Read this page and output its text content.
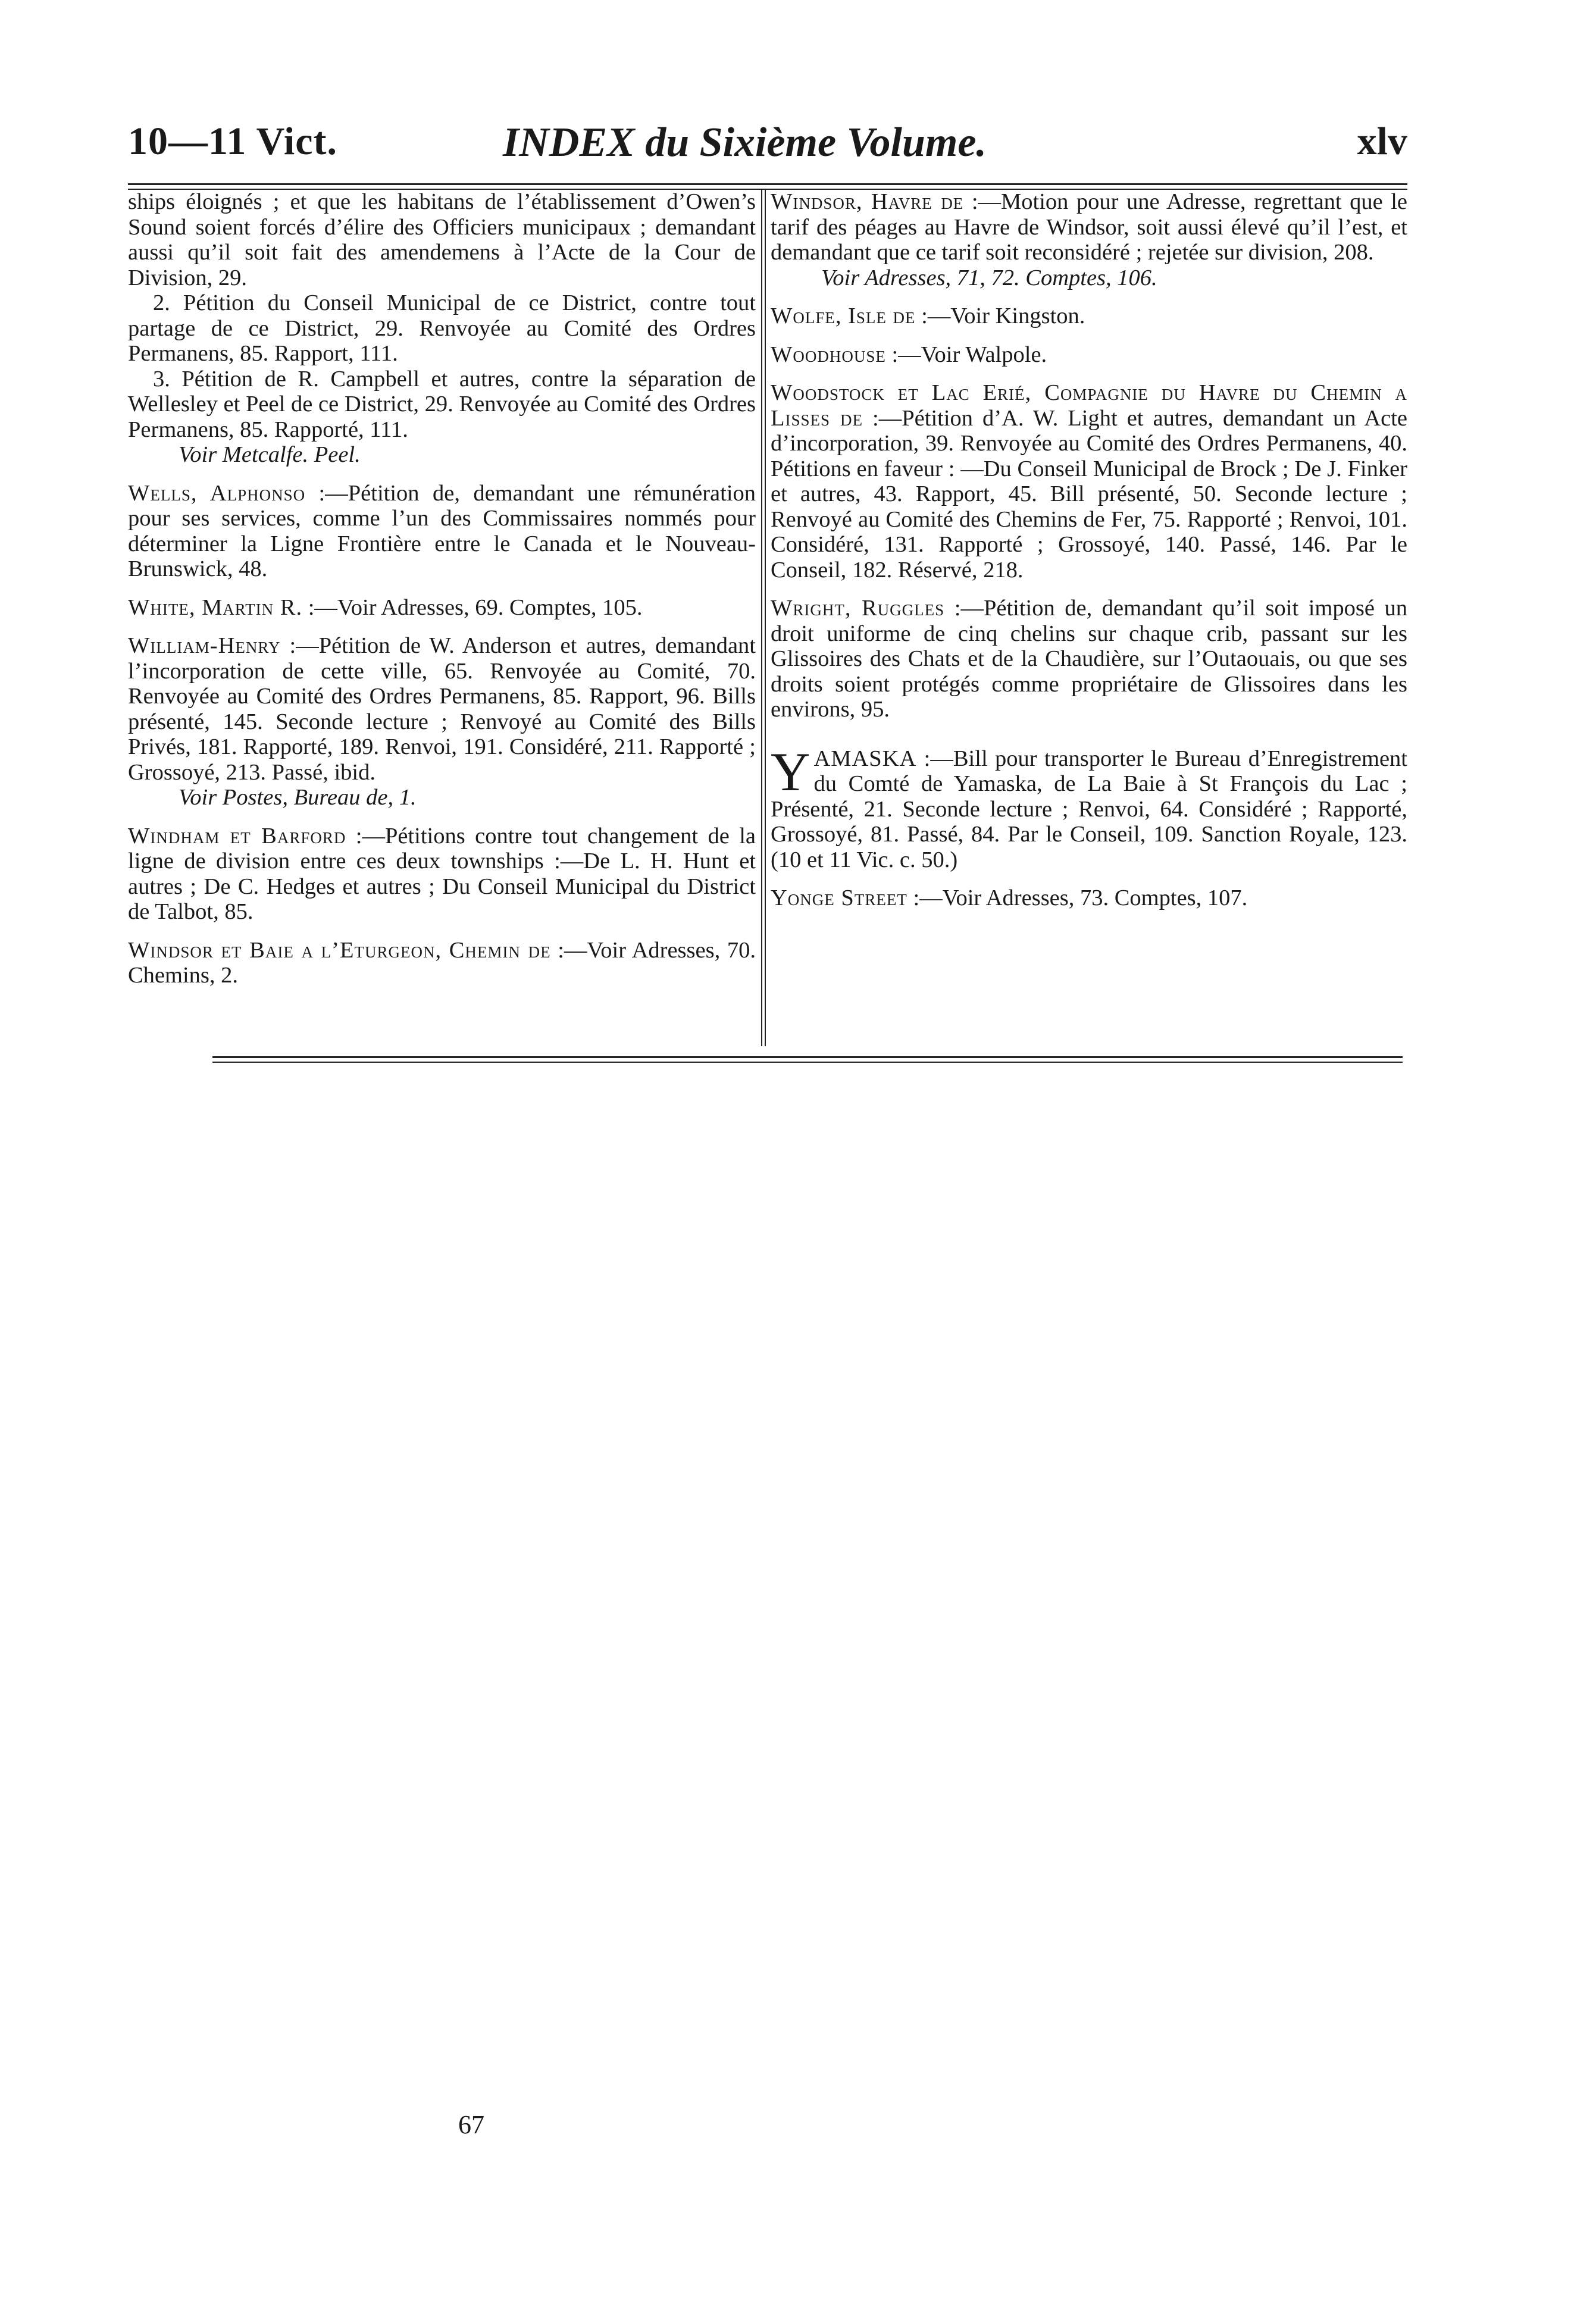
10—11 Vict.	INDEX du Sixième Volume.	xlv

ships éloignés ; et que les habitans de l’établissement d’Owen’s Sound soient forcés d’élire des Officiers municipaux ; demandant aussi qu’il soit fait des amendemens à l’Acte de la Cour de Division, 29.

2. Pétition du Conseil Municipal de ce District, contre tout partage de ce District, 29. Renvoyée au Comité des Ordres Permanens, 85. Rapport, 111.

3. Pétition de R. Campbell et autres, contre la séparation de Wellesley et Peel de ce District, 29. Renvoyée au Comité des Ordres Permanens, 85. Rapporté, 111.

Voir Metcalfe. Peel.

Wells, Alphonso :—Pétition de, demandant une rémunération pour ses services, comme l’un des Commissaires nommés pour déterminer la Ligne Frontière entre le Canada et le Nouveau-Brunswick, 48.

White, Martin R. :—Voir Adresses, 69. Comptes, 105.

William-Henry :—Pétition de W. Anderson et autres, demandant l’incorporation de cette ville, 65. Renvoyée au Comité, 70. Renvoyée au Comité des Ordres Permanens, 85. Rapport, 96. Bills présenté, 145. Seconde lecture ; Renvoyé au Comité des Bills Privés, 181. Rapporté, 189. Renvoi, 191. Considéré, 211. Rapporté ; Grossoyé, 213. Passé, ibid.

Voir Postes, Bureau de, 1.

Windham et Barford :—Pétitions contre tout changement de la ligne de division entre ces deux townships :—De L. H. Hunt et autres ; De C. Hedges et autres ; Du Conseil Municipal du District de Talbot, 85.

Windsor et Baie a l’Eturgeon, Chemin de :—Voir Adresses, 70. Chemins, 2.

Windsor, Havre de :—Motion pour une Adresse, regrettant que le tarif des péages au Havre de Windsor, soit aussi élevé qu’il l’est, et demandant que ce tarif soit reconsidéré ; rejetée sur division, 208.

Voir Adresses, 71, 72. Comptes, 106.

Wolfe, Isle de :—Voir Kingston.

Woodhouse :—Voir Walpole.

Woodstock et Lac Erié, Compagnie du Havre du Chemin a Lisses de :—Pétition d’A. W. Light et autres, demandant un Acte d’incorporation, 39. Renvoyée au Comité des Ordres Permanens, 40. Pétitions en faveur : —Du Conseil Municipal de Brock ; De J. Finker et autres, 43. Rapport, 45. Bill présenté, 50. Seconde lecture ; Renvoyé au Comité des Chemins de Fer, 75. Rapporté ; Renvoi, 101. Considéré, 131. Rapporté ; Grossoyé, 140. Passé, 146. Par le Conseil, 182. Réservé, 218.

Wright, Ruggles :—Pétition de, demandant qu’il soit imposé un droit uniforme de cinq chelins sur chaque crib, passant sur les Glissoires des Chats et de la Chaudière, sur l’Outaouais, ou que ses droits soient protégés comme propriétaire de Glissoires dans les environs, 95.

YAMASKA :—Bill pour transporter le Bureau d’Enregistrement du Comté de Yamaska, de La Baie à St François du Lac ; Présenté, 21. Seconde lecture ; Renvoi, 64. Considéré ; Rapporté, Grossoyé, 81. Passé, 84. Par le Conseil, 109. Sanction Royale, 123. (10 et 11 Vic. c. 50.)

Yonge Street :—Voir Adresses, 73. Comptes, 107.

67
